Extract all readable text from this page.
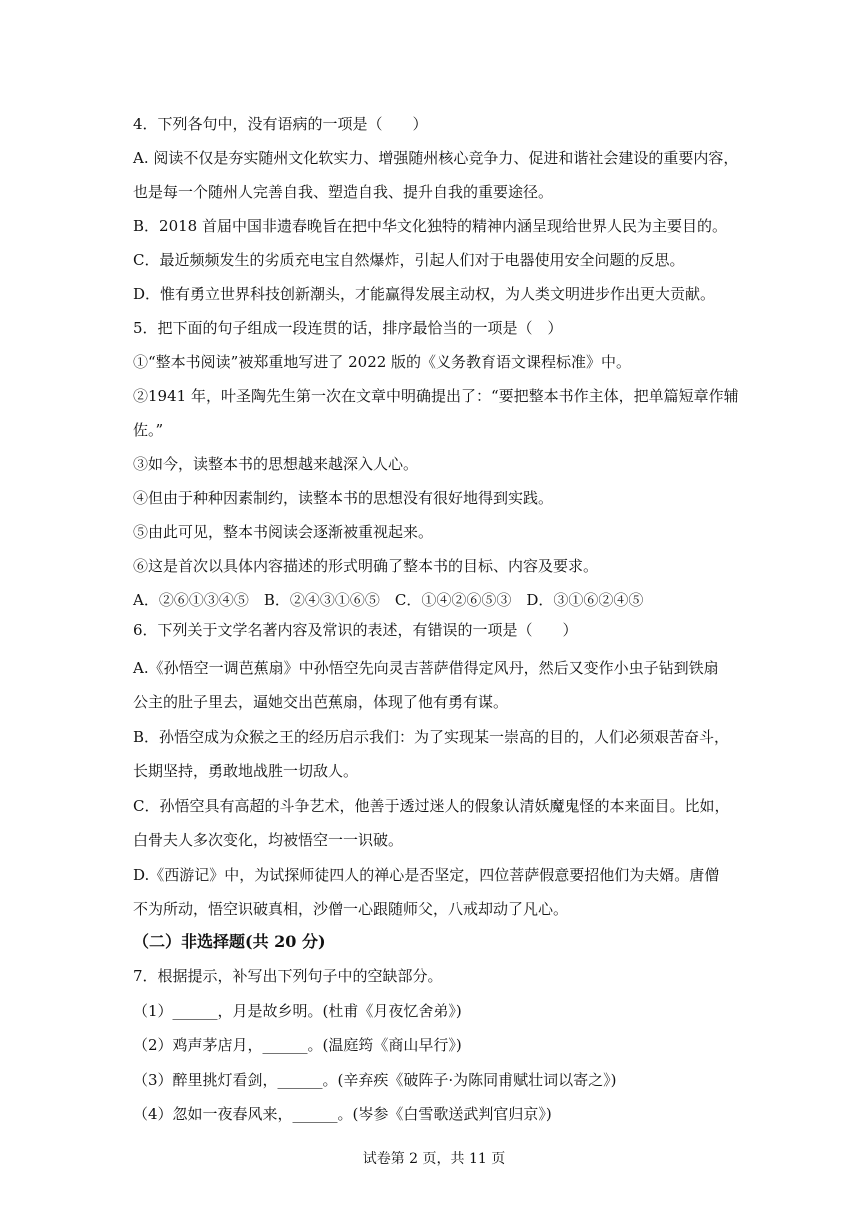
4．下列各句中，没有语病的一项是（　　）
A. 阅读不仅是夯实随州文化软实力、增强随州核心竞争力、促进和谐社会建设的重要内容，
也是每一个随州人完善自我、塑造自我、提升自我的重要途径。
B．2018 首届中国非遗春晚旨在把中华文化独特的精神内涵呈现给世界人民为主要目的。
C．最近频频发生的劣质充电宝自然爆炸，引起人们对于电器使用安全问题的反思。
D．惟有勇立世界科技创新潮头，才能赢得发展主动权，为人类文明进步作出更大贡献。
5．把下面的句子组成一段连贯的话，排序最恰当的一项是（　）
①“整本书阅读”被郑重地写进了 2022 版的《义务教育语文课程标准》中。
②1941 年，叶圣陶先生第一次在文章中明确提出了：“要把整本书作主体，把单篇短章作辅
佐。”
③如今，读整本书的思想越来越深入人心。
④但由于种种因素制约，读整本书的思想没有很好地得到实践。
⑤由此可见，整本书阅读会逐渐被重视起来。
⑥这是首次以具体内容描述的形式明确了整本书的目标、内容及要求。
A．②⑥①③④⑤　B．②④③①⑥⑤　C．①④②⑥⑤③　D．③①⑥②④⑤
6．下列关于文学名著内容及常识的表述，有错误的一项是（　　）
A.《孙悟空一调芭蕉扇》中孙悟空先向灵吉菩萨借得定风丹，然后又变作小虫子钻到铁扇
公主的肚子里去，逼她交出芭蕉扇，体现了他有勇有谋。
B．孙悟空成为众猴之王的经历启示我们：为了实现某一崇高的目的，人们必须艰苦奋斗，
长期坚持，勇敢地战胜一切敌人。
C．孙悟空具有高超的斗争艺术，他善于透过迷人的假象认清妖魔鬼怪的本来面目。比如，
白骨夫人多次变化，均被悟空一一识破。
D.《西游记》中，为试探师徒四人的禅心是否坚定，四位菩萨假意要招他们为夫婿。唐僧
不为所动，悟空识破真相，沙僧一心跟随师父，八戒却动了凡心。
（二）非选择题(共 20 分)
7．根据提示，补写出下列句子中的空缺部分。
（1）______，月是故乡明。(杜甫《月夜忆舍弟》)
（2）鸡声茅店月，______。(温庭筠《商山早行》)
（3）醉里挑灯看剑，______。(辛弃疾《破阵子·为陈同甫赋壮词以寄之》)
（4）忽如一夜春风来，______。(岑参《白雪歌送武判官归京》)
试卷第 2 页，共 11 页
